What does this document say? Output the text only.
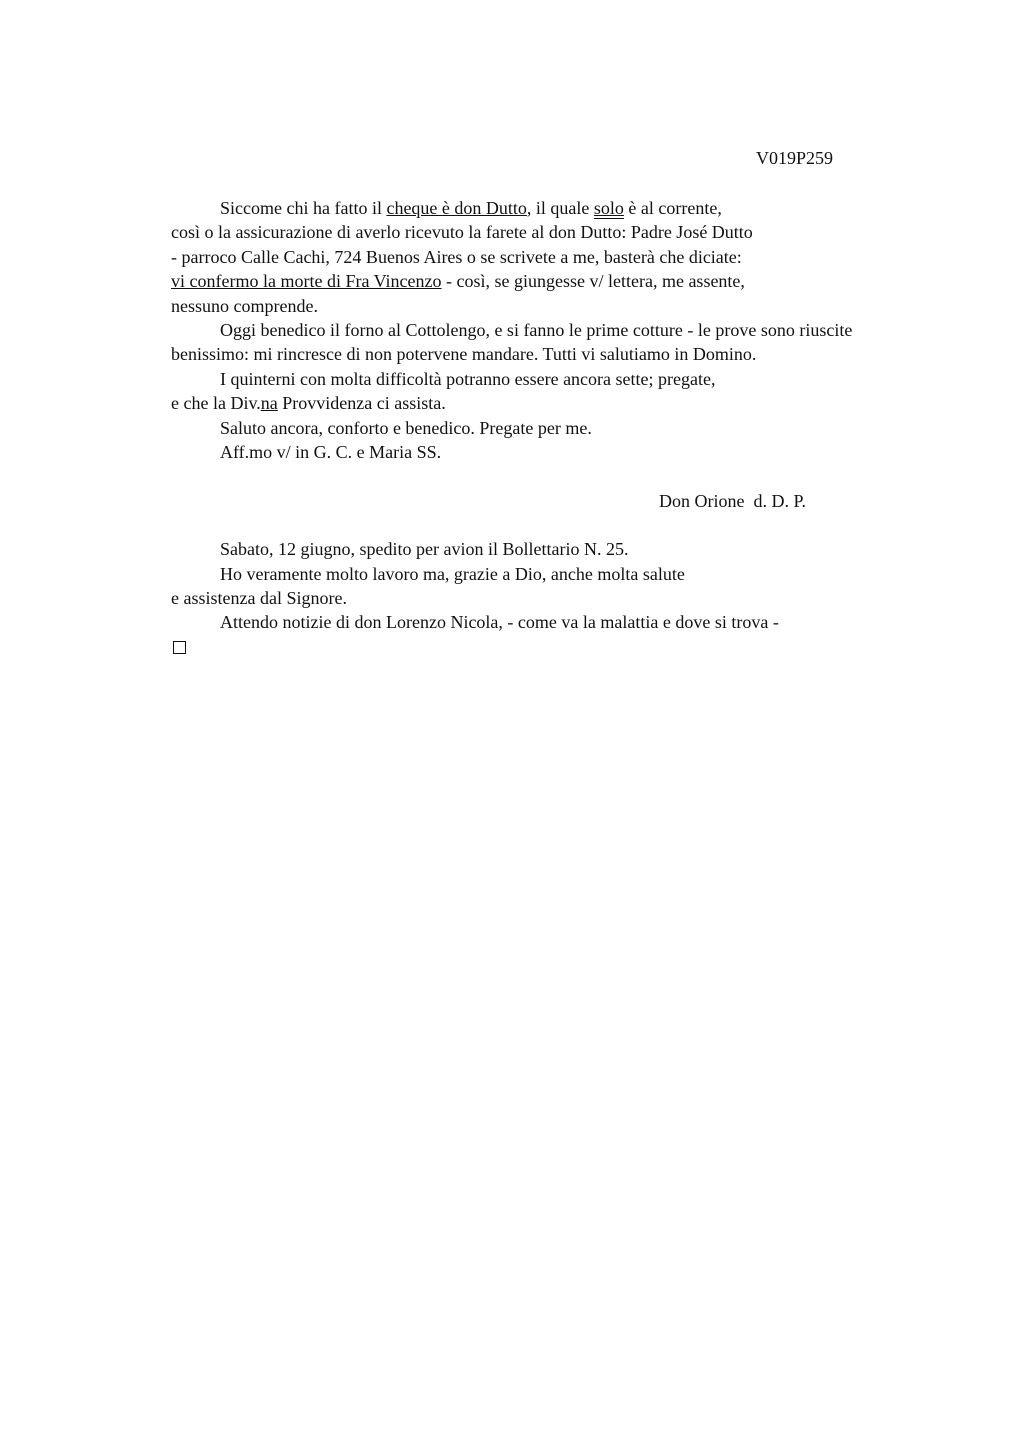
V019P259
Siccome chi ha fatto il cheque è don Dutto, il quale solo è al corrente,
così o la assicurazione di averlo ricevuto la farete al don Dutto: Padre José Dutto
- parroco Calle Cachi, 724 Buenos Aires o se scrivete a me, basterà che diciate:
vi confermo la morte di Fra Vincenzo - così, se giungesse v/ lettera, me assente,
nessuno comprende.
Oggi benedico il forno al Cottolengo, e si fanno le prime cotture - le prove sono riuscite
benissimo: mi rincresce di non potervene mandare. Tutti vi salutiamo in Domino.
I quinterni con molta difficoltà potranno essere ancora sette; pregate,
e che la Div.na Provvidenza ci assista.
Saluto ancora, conforto e benedico. Pregate per me.
Aff.mo v/ in G. C. e Maria SS.
Don Orione  d. D. P.
Sabato, 12 giugno, spedito per avion il Bollettario N. 25.
Ho veramente molto lavoro ma, grazie a Dio, anche molta salute
e assistenza dal Signore.
Attendo notizie di don Lorenzo Nicola, - come va la malattia e dove si trova -
